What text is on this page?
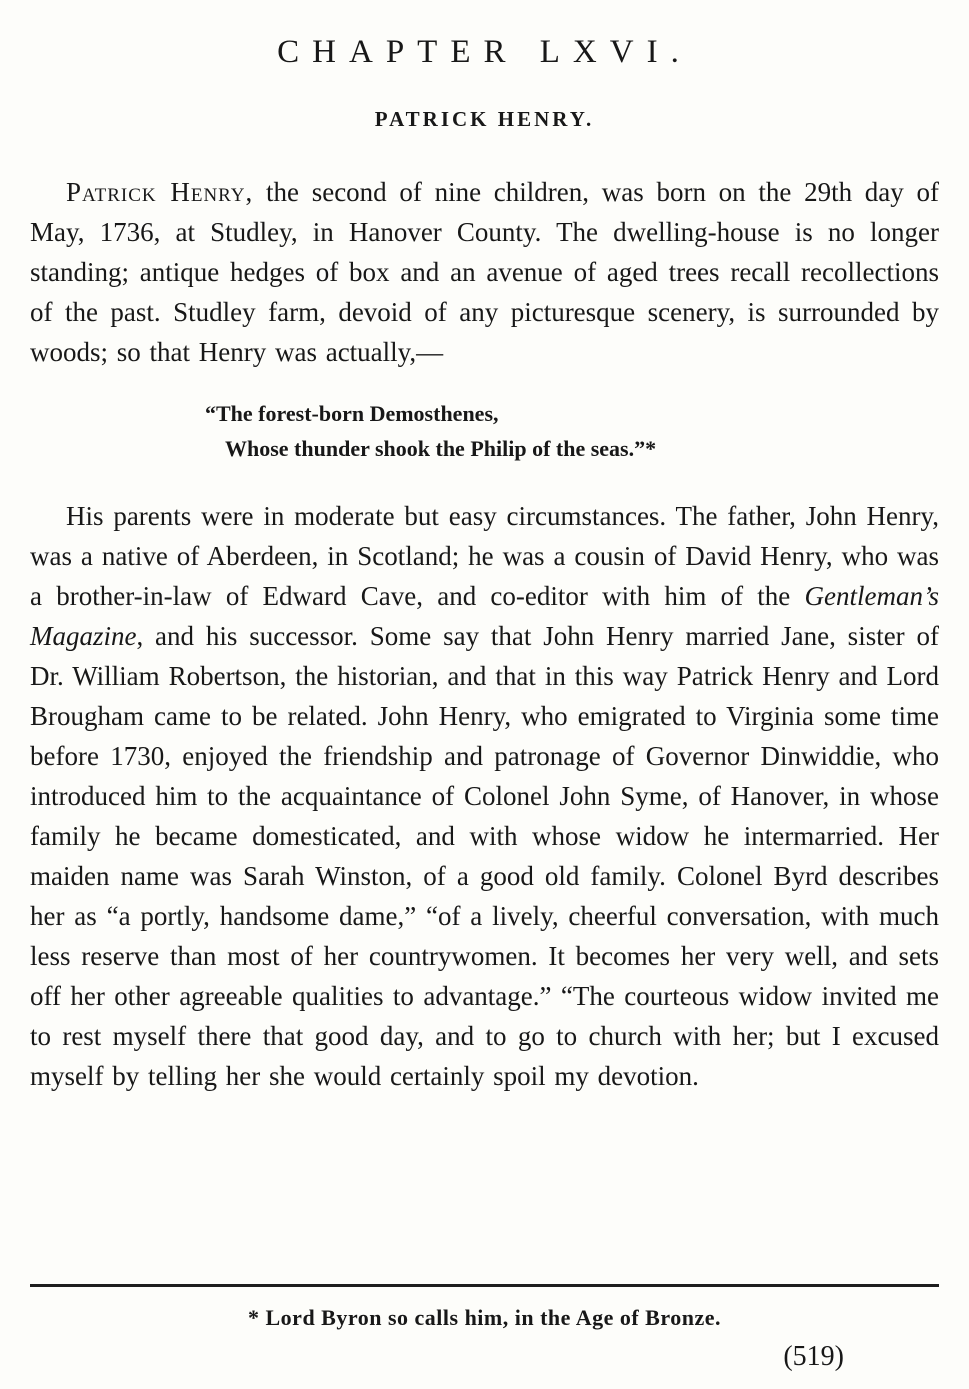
CHAPTER LXVI.
PATRICK HENRY.

Patrick Henry, the second of nine children, was born on the 29th day of May, 1736, at Studley, in Hanover County. The dwelling-house is no longer standing; antique hedges of box and an avenue of aged trees recall recollections of the past. Studley farm, devoid of any picturesque scenery, is surrounded by woods; so that Henry was actually,—

“The forest-born Demosthenes,
Whose thunder shook the Philip of the seas.”*

His parents were in moderate but easy circumstances. The father, John Henry, was a native of Aberdeen, in Scotland; he was a cousin of David Henry, who was a brother-in-law of Edward Cave, and co-editor with him of the Gentleman’s Magazine, and his successor. Some say that John Henry married Jane, sister of Dr. William Robertson, the historian, and that in this way Patrick Henry and Lord Brougham came to be related. John Henry, who emigrated to Virginia some time before 1730, enjoyed the friendship and patronage of Governor Dinwiddie, who introduced him to the acquaintance of Colonel John Syme, of Hanover, in whose family he became domesticated, and with whose widow he intermarried. Her maiden name was Sarah Winston, of a good old family. Colonel Byrd describes her as “a portly, handsome dame,” “of a lively, cheerful conversation, with much less reserve than most of her countrywomen. It becomes her very well, and sets off her other agreeable qualities to advantage.” “The courteous widow invited me to rest myself there that good day, and to go to church with her; but I excused myself by telling her she would certainly spoil my devotion.

* Lord Byron so calls him, in the Age of Bronze.
(519)
